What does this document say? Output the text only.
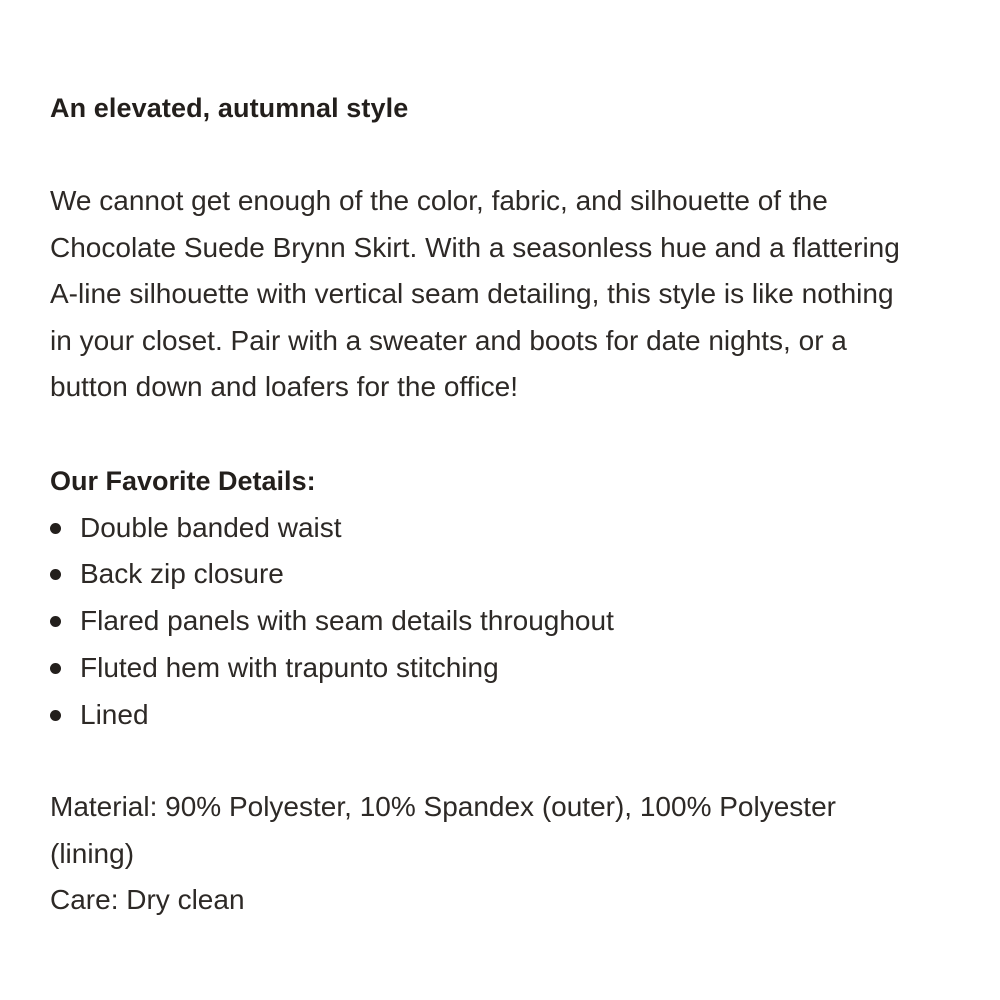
An elevated, autumnal style

We cannot get enough of the color, fabric, and silhouette of the
Chocolate Suede Brynn Skirt. With a seasonless hue and a flattering
A-line silhouette with vertical seam detailing, this style is like nothing
in your closet. Pair with a sweater and boots for date nights, or a
button down and loafers for the office!

Our Favorite Details:
Double banded waist
Back zip closure
Flared panels with seam details throughout
Fluted hem with trapunto stitching
Lined

Material: 90% Polyester, 10% Spandex (outer), 100% Polyester
(lining)
Care: Dry clean
